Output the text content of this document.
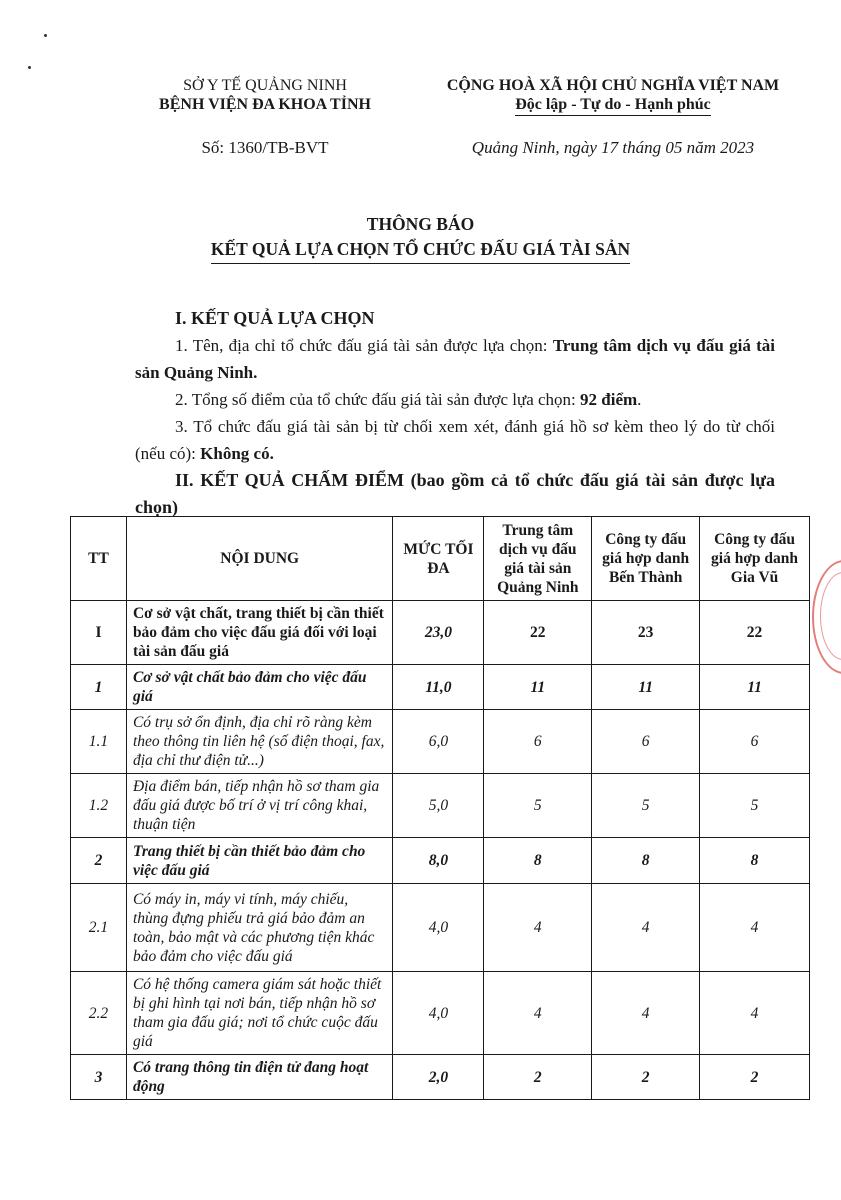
SỞ Y TẾ QUẢNG NINH
BỆNH VIỆN ĐA KHOA TỈNH
Số: 1360/TB-BVT
CỘNG HOÀ XÃ HỘI CHỦ NGHĨA VIỆT NAM
Độc lập - Tự do - Hạnh phúc
Quảng Ninh, ngày 17 tháng 05 năm 2023
THÔNG BÁO
KẾT QUẢ LỰA CHỌN TỔ CHỨC ĐẤU GIÁ TÀI SẢN

I. KẾT QUẢ LỰA CHỌN

1. Tên, địa chỉ tổ chức đấu giá tài sản được lựa chọn: Trung tâm dịch vụ đấu giá tài sản Quảng Ninh.

2. Tổng số điểm của tổ chức đấu giá tài sản được lựa chọn: 92 điểm.

3. Tổ chức đấu giá tài sản bị từ chối xem xét, đánh giá hồ sơ kèm theo lý do từ chối (nếu có): Không có.

II. KẾT QUẢ CHẤM ĐIỂM (bao gồm cả tổ chức đấu giá tài sản được lựa chọn)

TT	NỘI DUNG	MỨC TỐI ĐA	Trung tâm dịch vụ đấu giá tài sản Quảng Ninh	Công ty đấu giá hợp danh Bến Thành	Công ty đấu giá hợp danh Gia Vũ
I	Cơ sở vật chất, trang thiết bị cần thiết bảo đảm cho việc đấu giá đối với loại tài sản đấu giá	23,0	22	23	22
1	Cơ sở vật chất bảo đảm cho việc đấu giá	11,0	11	11	11
1.1	Có trụ sở ổn định, địa chỉ rõ ràng kèm theo thông tin liên hệ (số điện thoại, fax, địa chỉ thư điện tử...)	6,0	6	6	6
1.2	Địa điểm bán, tiếp nhận hồ sơ tham gia đấu giá được bố trí ở vị trí công khai, thuận tiện	5,0	5	5	5
2	Trang thiết bị cần thiết bảo đảm cho việc đấu giá	8,0	8	8	8
2.1	Có máy in, máy vi tính, máy chiếu, thùng đựng phiếu trả giá bảo đảm an toàn, bảo mật và các phương tiện khác bảo đảm cho việc đấu giá	4,0	4	4	4
2.2	Có hệ thống camera giám sát hoặc thiết bị ghi hình tại nơi bán, tiếp nhận hồ sơ tham gia đấu giá; nơi tổ chức cuộc đấu giá	4,0	4	4	4
3	Có trang thông tin điện tử đang hoạt động	2,0	2	2	2
